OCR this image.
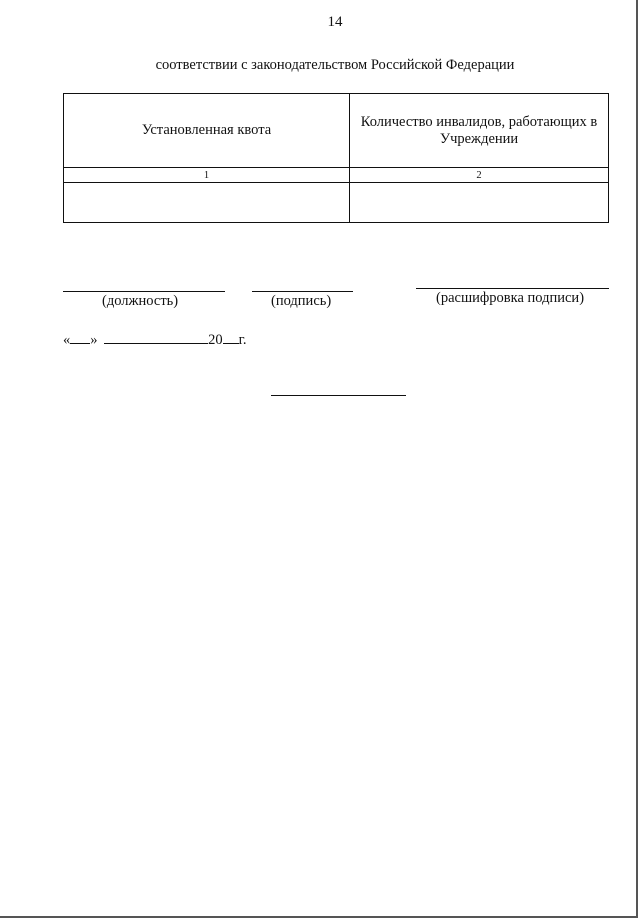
14
соответствии с законодательством Российской Федерации
Установленная квота	Количество инвалидов, работающих в Учреждении
1	2

(должность)	(подпись)	(расшифровка подписи)
« »	20 г.
